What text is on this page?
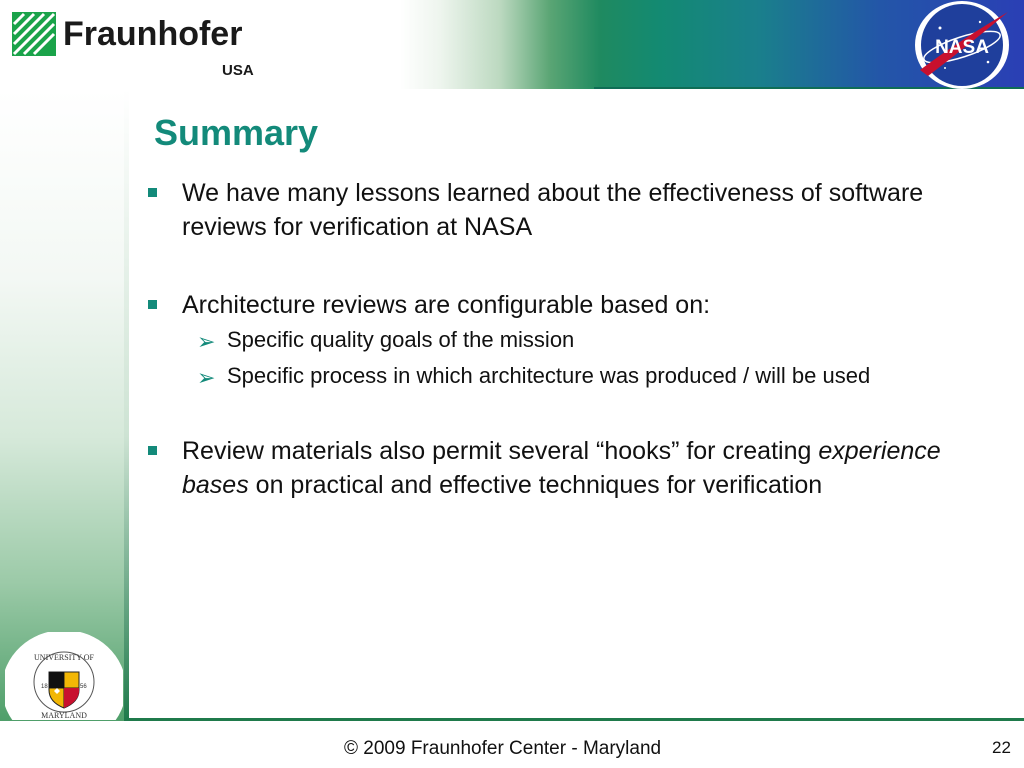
Fraunhofer
USA
NASA
18	56
UNIVERSITY OF
MARYLAND
Summary

We have many lessons learned about the effectiveness of software reviews for verification at NASA

Architecture reviews are configurable based on:

➢ Specific quality goals of the mission

➢ Specific process in which architecture was produced / will be used

Review materials also permit several “hooks” for creating experience bases on practical and effective techniques for verification

© 2009 Fraunhofer Center - Maryland	22
